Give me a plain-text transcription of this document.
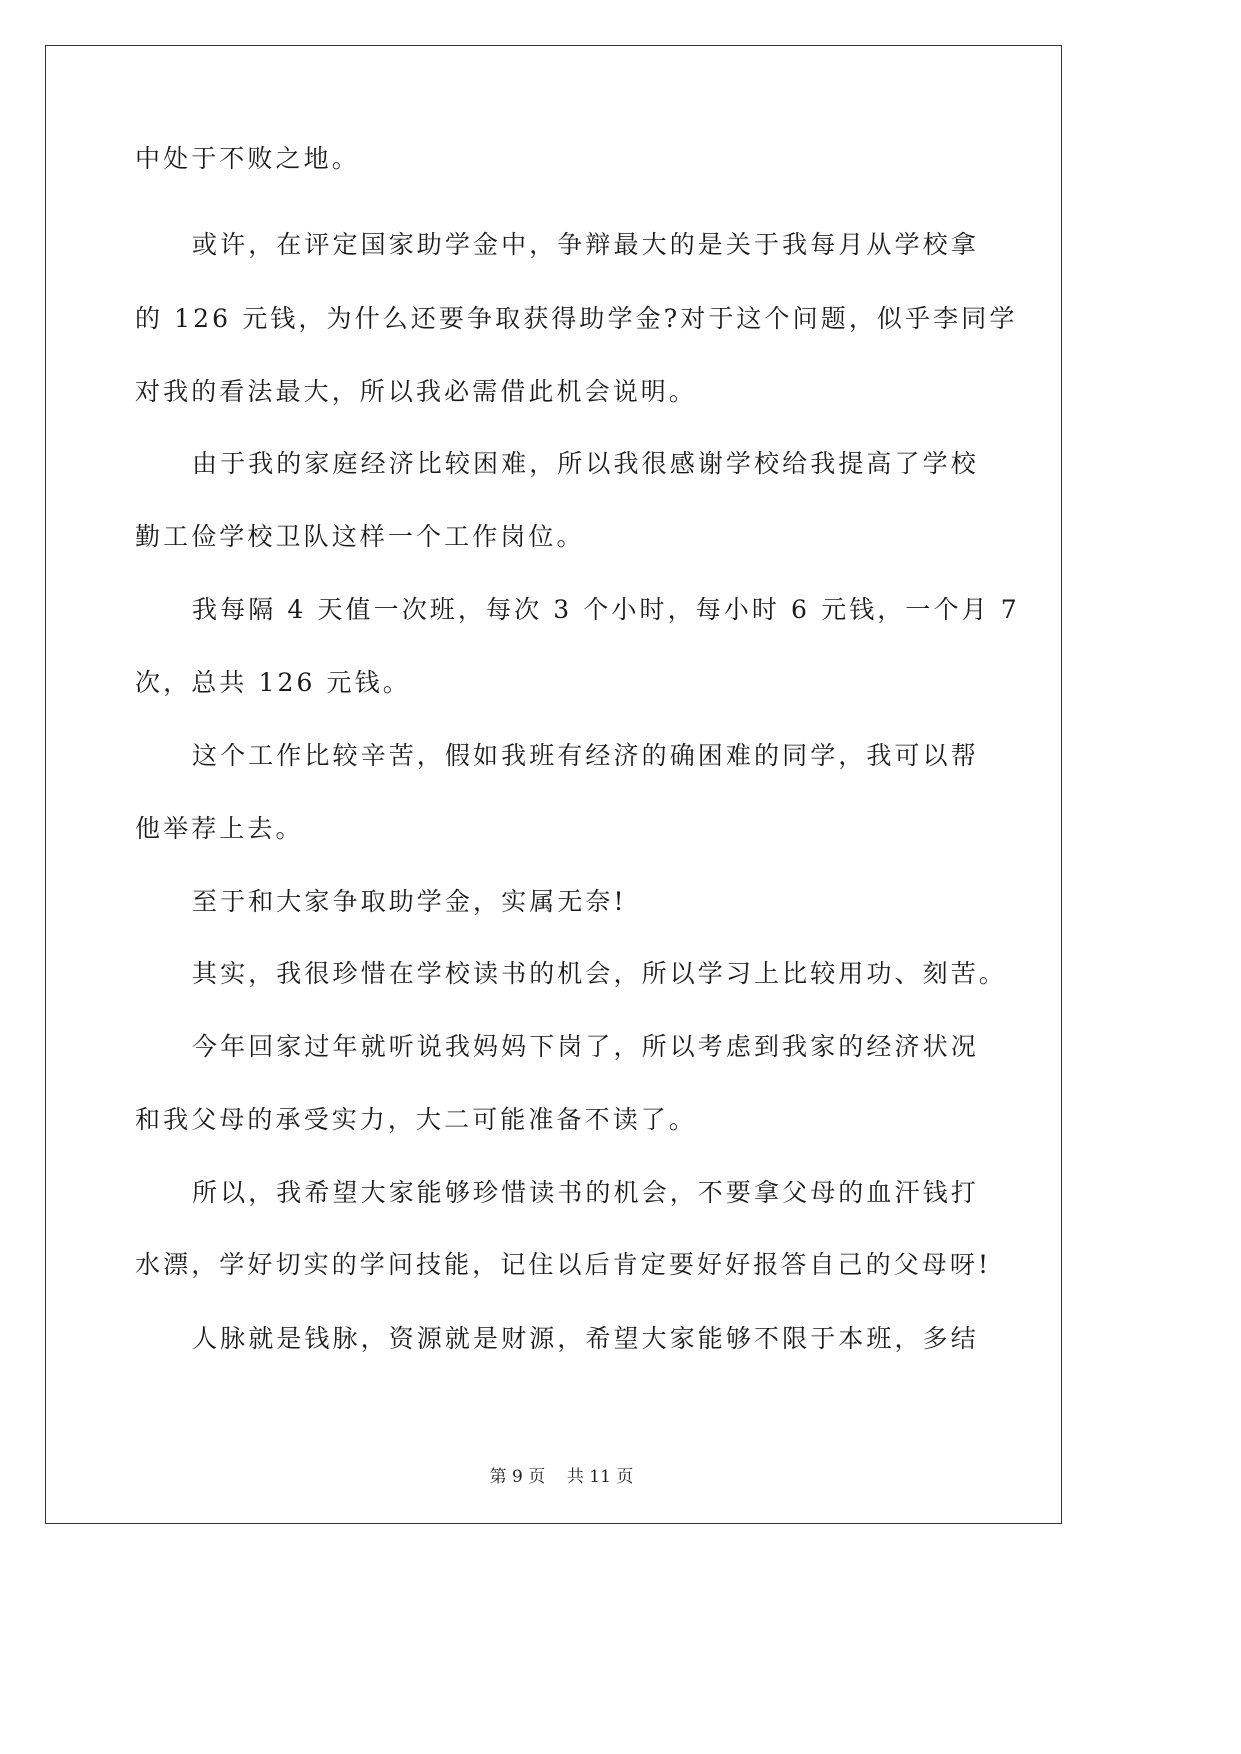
中处于不败之地。
或许，在评定国家助学金中，争辩最大的是关于我每月从学校拿
的 126 元钱，为什么还要争取获得助学金?对于这个问题，似乎李同学
对我的看法最大，所以我必需借此机会说明。
由于我的家庭经济比较困难，所以我很感谢学校给我提高了学校
勤工俭学校卫队这样一个工作岗位。
我每隔 4 天值一次班，每次 3 个小时，每小时 6 元钱，一个月 7
次，总共 126 元钱。
这个工作比较辛苦，假如我班有经济的确困难的同学，我可以帮
他举荐上去。
至于和大家争取助学金，实属无奈!
其实，我很珍惜在学校读书的机会，所以学习上比较用功、刻苦。
今年回家过年就听说我妈妈下岗了，所以考虑到我家的经济状况
和我父母的承受实力，大二可能准备不读了。
所以，我希望大家能够珍惜读书的机会，不要拿父母的血汗钱打
水漂，学好切实的学问技能，记住以后肯定要好好报答自己的父母呀!
人脉就是钱脉，资源就是财源，希望大家能够不限于本班，多结
第 9 页 共 11 页
